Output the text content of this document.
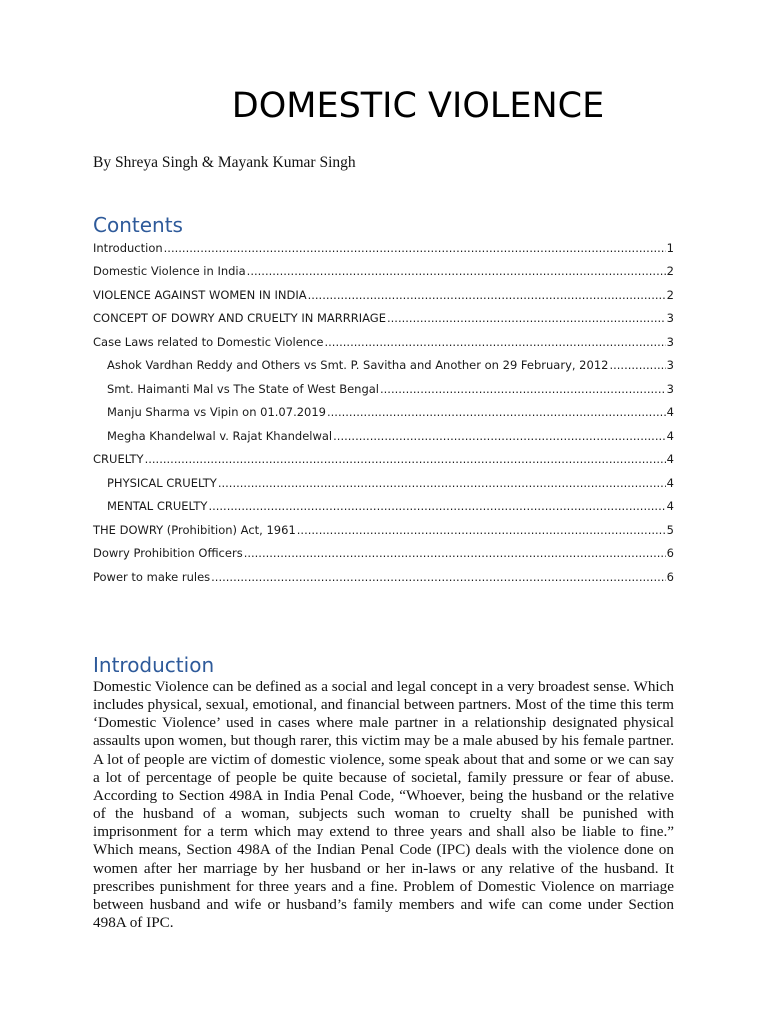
DOMESTIC VIOLENCE

By Shreya Singh & Mayank Kumar Singh

Contents
Introduction .....	1
Domestic Violence in India .....	2
VIOLENCE AGAINST WOMEN IN INDIA .....	2
CONCEPT OF DOWRY AND CRUELTY IN MARRRIAGE .....	3
Case Laws related to Domestic Violence .....	3
Ashok Vardhan Reddy and Others vs Smt. P. Savitha and Another on 29 February, 2012 .....	3
Smt. Haimanti Mal vs The State of West Bengal .....	3
Manju Sharma vs Vipin on 01.07.2019 .....	4
Megha Khandelwal v. Rajat Khandelwal .....	4
CRUELTY .....	4
PHYSICAL CRUELTY .....	4
MENTAL CRUELTY .....	4
THE DOWRY (Prohibition) Act, 1961 .....	5
Dowry Prohibition Officers .....	6
Power to make rules .....	6
Introduction

Domestic Violence can be defined as a social and legal concept in a very broadest sense. Which includes physical, sexual, emotional, and financial between partners. Most of the time this term ‘Domestic Violence’ used in cases where male partner in a relationship designated physical assaults upon women, but though rarer, this victim may be a male abused by his female partner. A lot of people are victim of domestic violence, some speak about that and some or we can say a lot of percentage of people be quite because of societal, family pressure or fear of abuse. According to Section 498A in India Penal Code, “Whoever, being the husband or the relative of the husband of a woman, subjects such woman to cruelty shall be punished with imprisonment for a term which may extend to three years and shall also be liable to fine.” Which means, Section 498A of the Indian Penal Code (IPC) deals with the violence done on women after her marriage by her husband or her in-laws or any relative of the husband. It prescribes punishment for three years and a fine. Problem of Domestic Violence on marriage between husband and wife or husband’s family members and wife can come under Section 498A of IPC.
